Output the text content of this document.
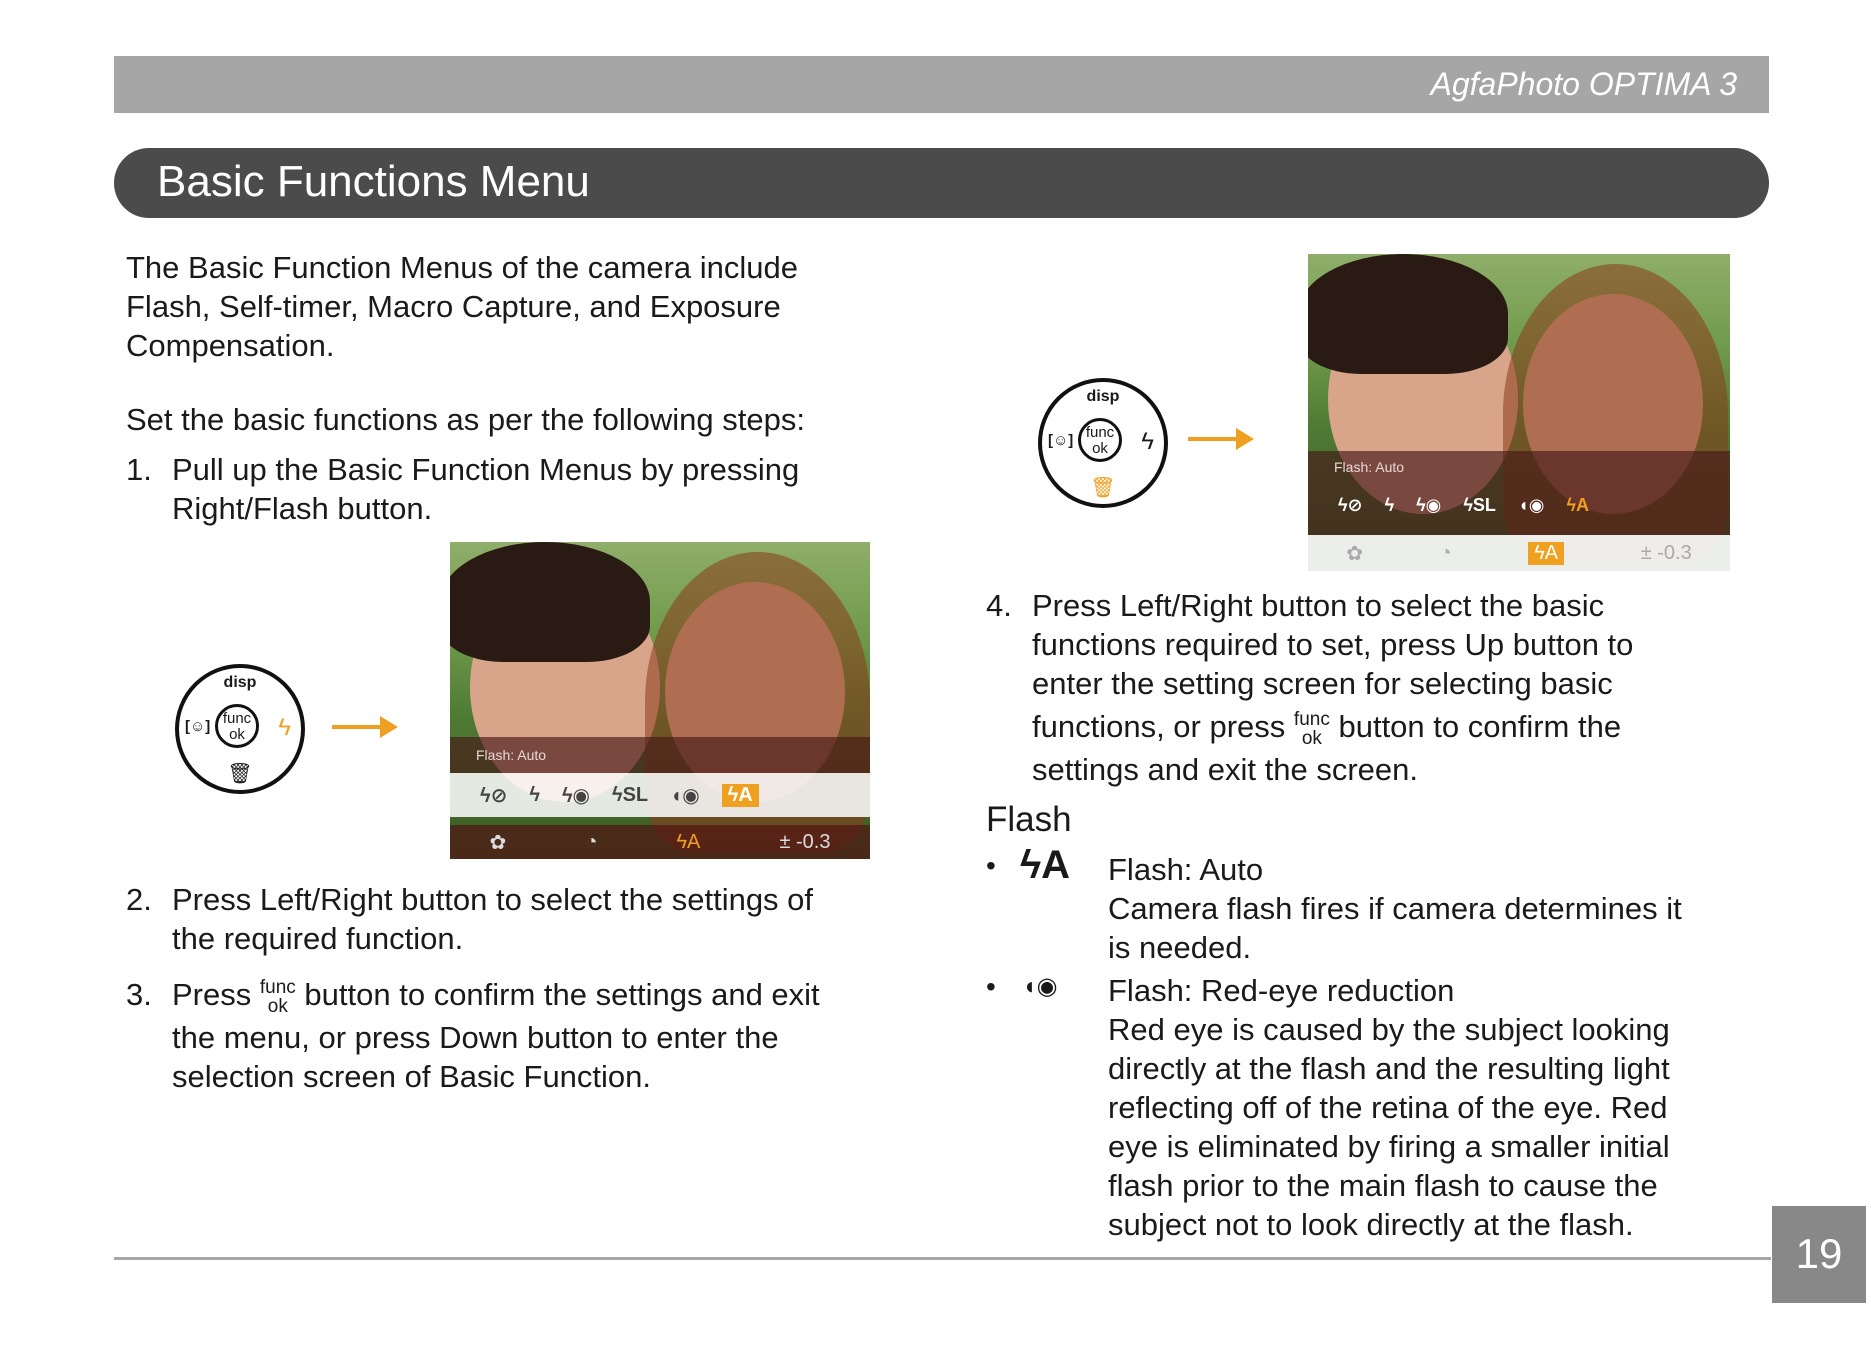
AgfaPhoto OPTIMA 3
Basic Functions Menu
The Basic Function Menus of the camera include
Flash, Self-timer, Macro Capture, and Exposure
Compensation.
Set the basic functions as per the following steps:
1. Pull up the Basic Function Menus by pressing
Right/Flash button.
disp
func
ok
[☺]	ϟ
🗑
Flash: Auto
ϟ⊘ ϟ ϟ◉ ϟSL ◖◉	ϟA
✿	◔	ϟA	± -0.3
2. Press Left/Right button to select the settings of
the required function.
3. Press func
ok button to confirm the settings and exit
the menu, or press Down button to enter the
selection screen of Basic Function.
disp
func
ok
[☺]	ϟ
🗑
Flash: Auto
ϟ⊘ ϟ ϟ◉ ϟSL ◖◉ ϟA
✿	◔	ϟA	± -0.3
4. Press Left/Right button to select the basic
functions required to set, press Up button to
enter the setting screen for selecting basic
functions, or press func
ok button to confirm the
settings and exit the screen.
Flash
• ϟA Flash: Auto
Camera flash fires if camera determines it
is needed.
• ◖◉ Flash: Red-eye reduction
Red eye is caused by the subject looking
directly at the flash and the resulting light
reflecting off of the retina of the eye. Red
eye is eliminated by firing a smaller initial
flash prior to the main flash to cause the
subject not to look directly at the flash.
19
